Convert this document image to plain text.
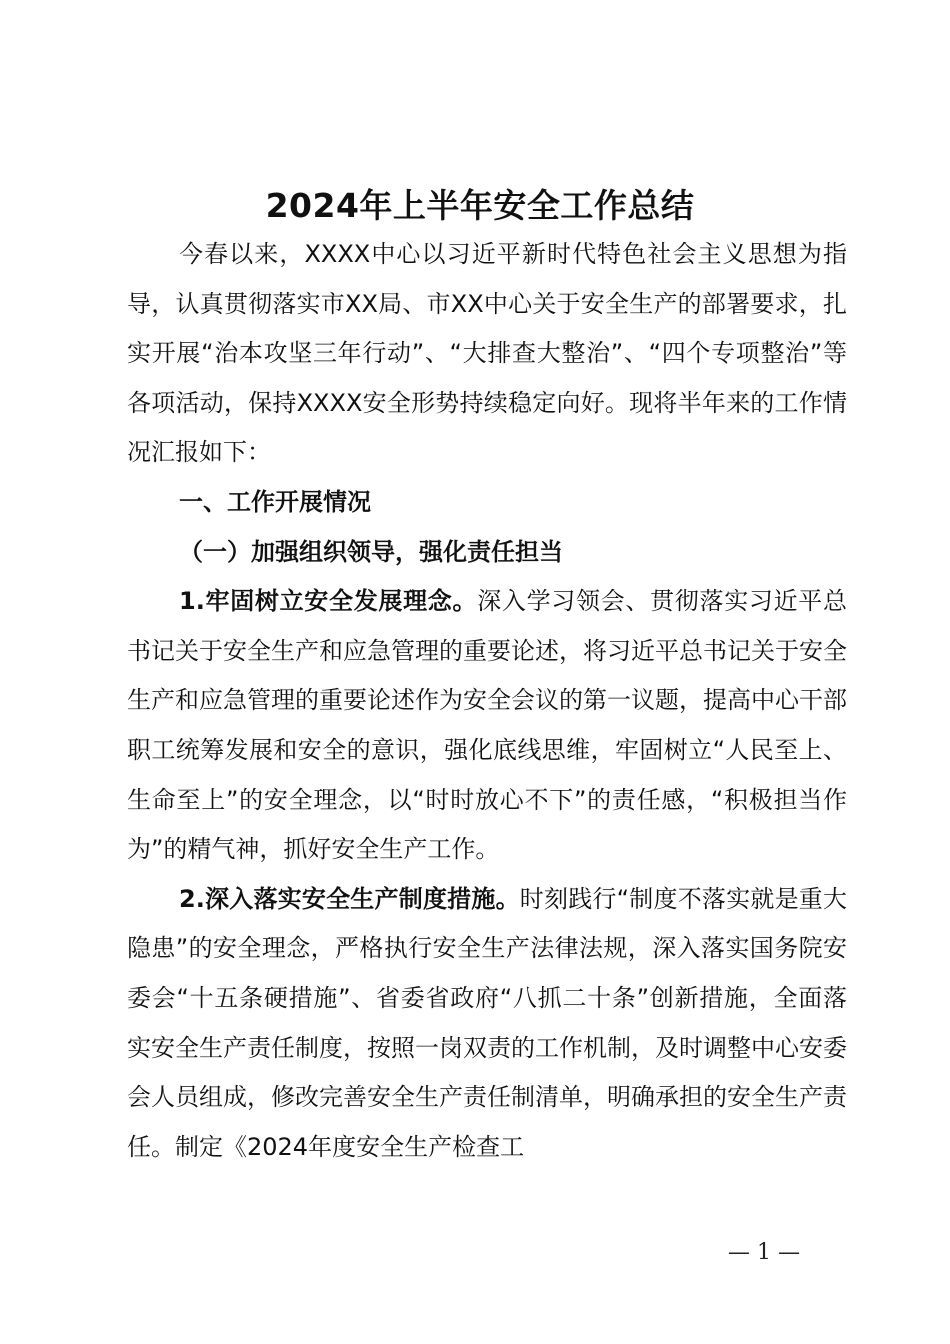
2024年上半年安全工作总结

今春以来，XXXX中心以习近平新时代特色社会主义思想为指导，认真贯彻落实市XX局、市XX中心关于安全生产的部署要求，扎实开展“治本攻坚三年行动”、“大排查大整治”、“四个专项整治”等各项活动，保持XXXX安全形势持续稳定向好。现将半年来的工作情况汇报如下：

一、工作开展情况

（一）加强组织领导，强化责任担当

1.牢固树立安全发展理念。深入学习领会、贯彻落实习近平总书记关于安全生产和应急管理的重要论述，将习近平总书记关于安全生产和应急管理的重要论述作为安全会议的第一议题，提高中心干部职工统筹发展和安全的意识，强化底线思维，牢固树立“人民至上、生命至上”的安全理念，以“时时放心不下”的责任感，“积极担当作为”的精气神，抓好安全生产工作。

2.深入落实安全生产制度措施。时刻践行“制度不落实就是重大隐患”的安全理念，严格执行安全生产法律法规，深入落实国务院安委会“十五条硬措施”、省委省政府“八抓二十条”创新措施，全面落实安全生产责任制度，按照一岗双责的工作机制，及时调整中心安委会人员组成，修改完善安全生产责任制清单，明确承担的安全生产责任。制定《2024年度安全生产检查工

— 1 —
